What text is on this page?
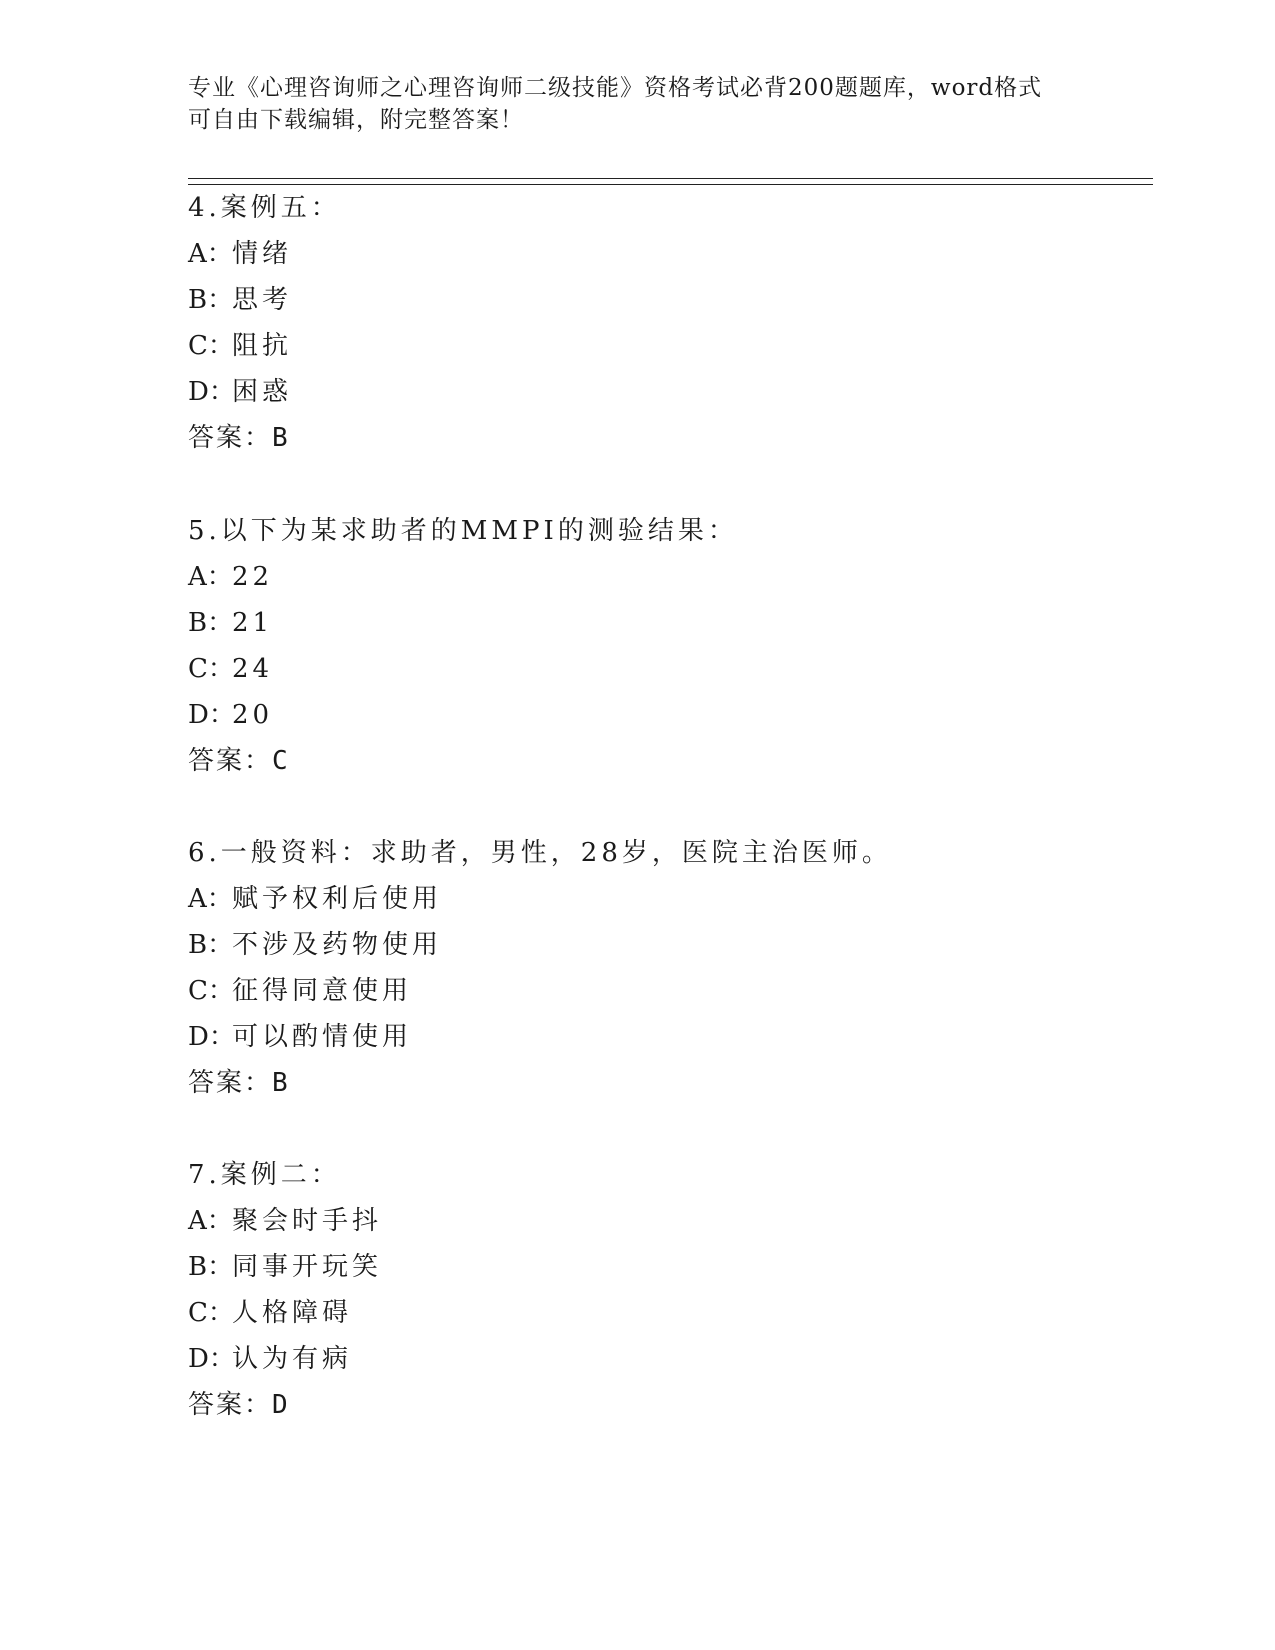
专业《心理咨询师之心理咨询师二级技能》资格考试必背200题题库，word格式
可自由下载编辑，附完整答案！
4.案例五：
A：情绪
B：思考
C：阻抗
D：困惑
答案：B
5.以下为某求助者的MMPI的测验结果：
A：22
B：21
C：24
D：20
答案：C
6.一般资料：求助者，男性，28岁，医院主治医师。
A：赋予权利后使用
B：不涉及药物使用
C：征得同意使用
D：可以酌情使用
答案：B
7.案例二：
A：聚会时手抖
B：同事开玩笑
C：人格障碍
D：认为有病
答案：D
